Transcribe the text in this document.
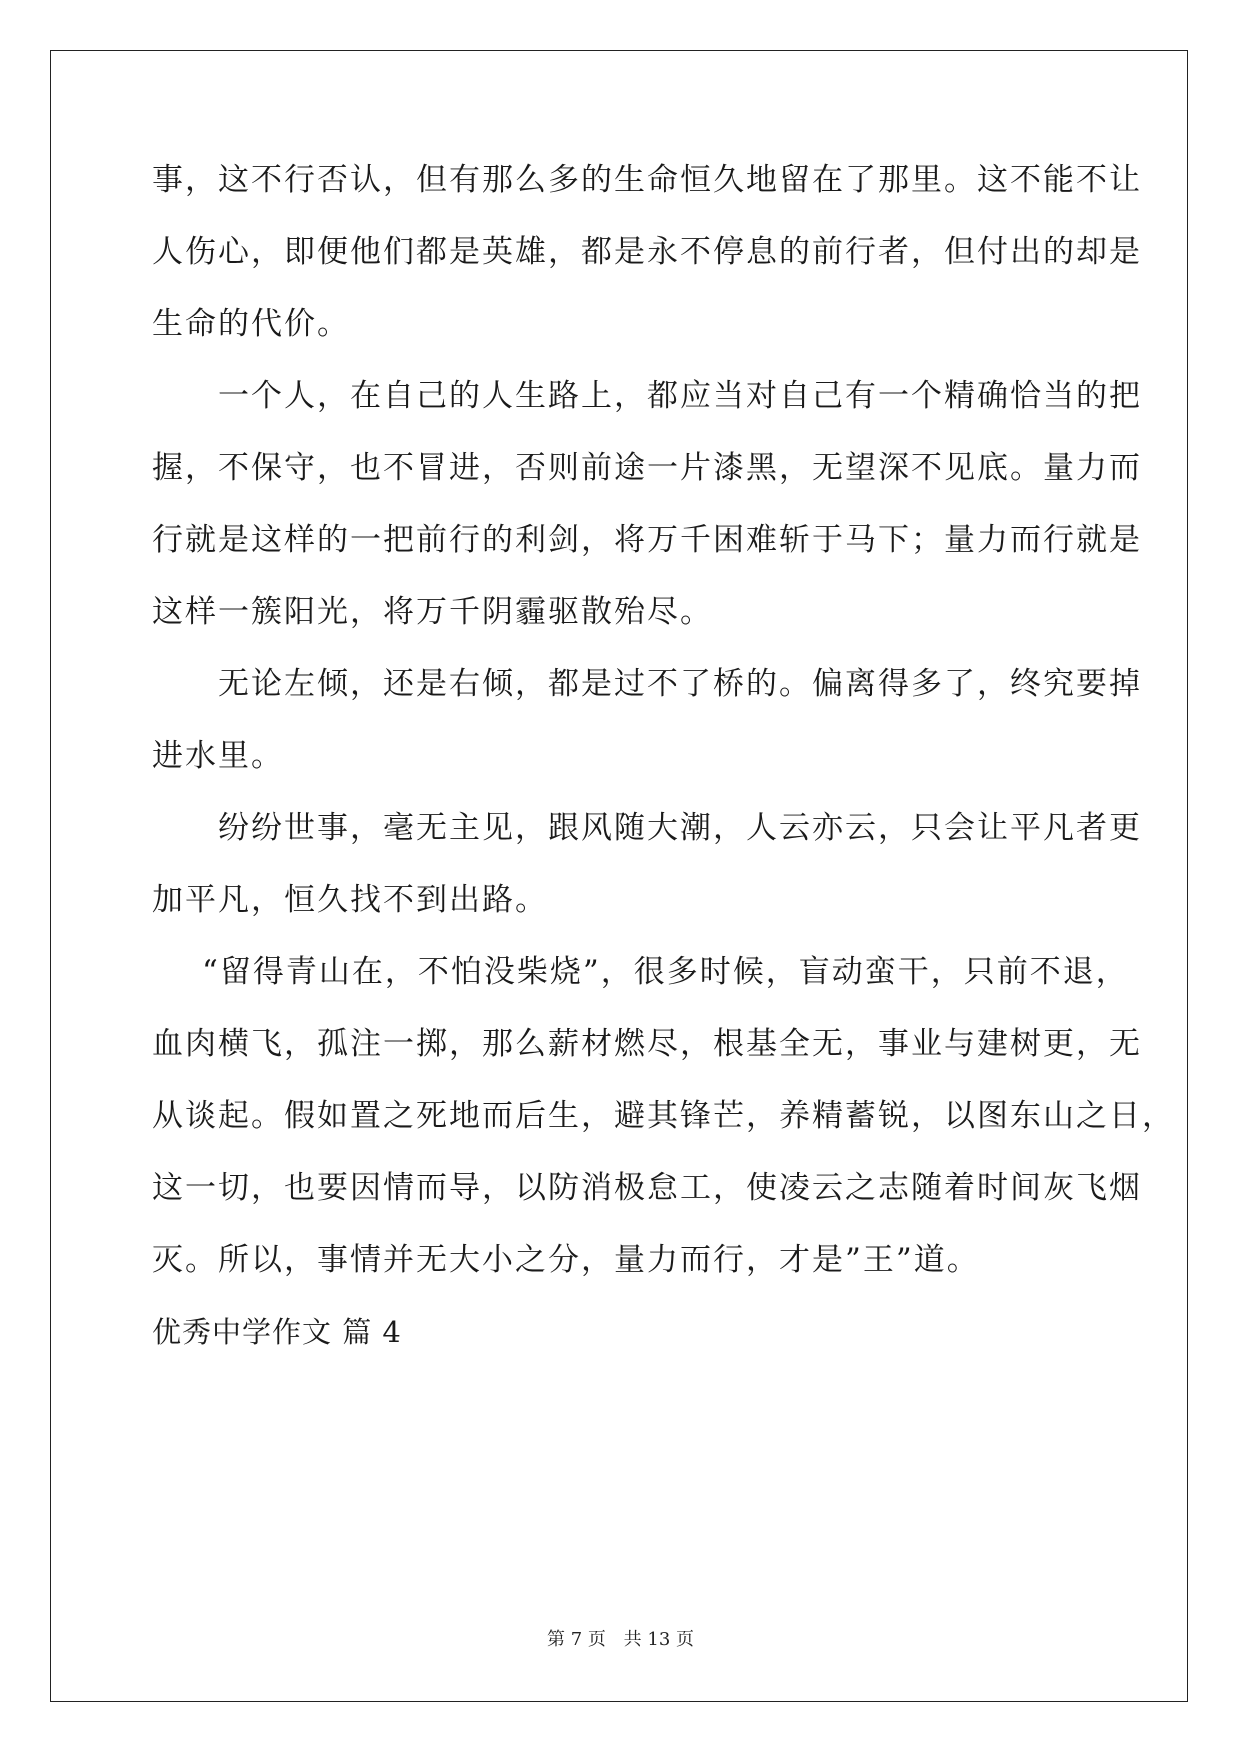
事，这不行否认，但有那么多的生命恒久地留在了那里。这不能不让
人伤心，即便他们都是英雄，都是永不停息的前行者，但付出的却是
生命的代价。
一个人，在自己的人生路上，都应当对自己有一个精确恰当的把
握，不保守，也不冒进，否则前途一片漆黑，无望深不见底。量力而
行就是这样的一把前行的利剑，将万千困难斩于马下；量力而行就是
这样一簇阳光，将万千阴霾驱散殆尽。
无论左倾，还是右倾，都是过不了桥的。偏离得多了，终究要掉
进水里。
纷纷世事，毫无主见，跟风随大潮，人云亦云，只会让平凡者更
加平凡，恒久找不到出路。
“留得青山在，不怕没柴烧”，很多时候，盲动蛮干，只前不退，
血肉横飞，孤注一掷，那么薪材燃尽，根基全无，事业与建树更，无
从谈起。假如置之死地而后生，避其锋芒，养精蓄锐，以图东山之日，
这一切，也要因情而导，以防消极怠工，使凌云之志随着时间灰飞烟
灭。所以，事情并无大小之分，量力而行，才是”王”道。
优秀中学作文 篇 4
第 7 页 共 13 页
